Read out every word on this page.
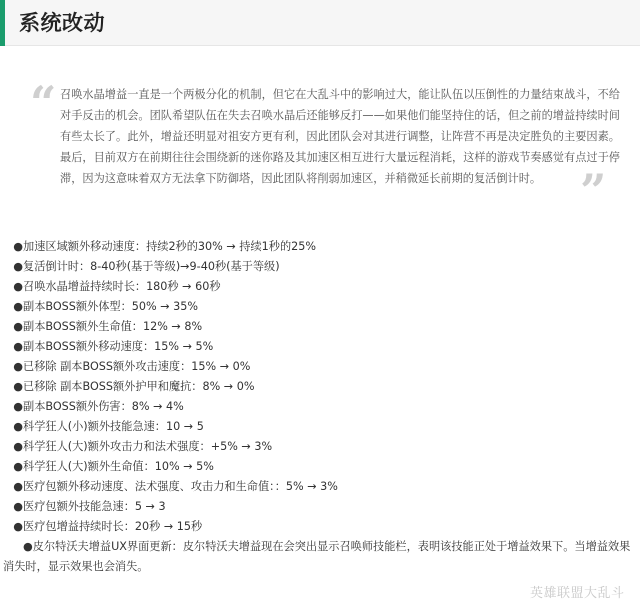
系统改动
“ 召唤水晶增益一直是一个两极分化的机制，但它在大乱斗中的影响过大，能让队伍以压倒性的力量结束战斗，不给对手反击的机会。团队希望队伍在失去召唤水晶后还能够反打——如果他们能坚持住的话，但之前的增益持续时间有些太长了。此外，增益还明显对祖安方更有利，因此团队会对其进行调整，让阵营不再是决定胜负的主要因素。最后，目前双方在前期往往会围绕新的迷你路及其加速区相互进行大量远程消耗，这样的游戏节奏感觉有点过于停滞，因为这意味着双方无法拿下防御塔，因此团队将削弱加速区，并稍微延长前期的复活倒计时。 ”
●加速区域额外移动速度：持续2秒的30% → 持续1秒的25%
●复活倒计时：8-40秒(基于等级)→9-40秒(基于等级)
●召唤水晶增益持续时长：180秒 → 60秒
●副本BOSS额外体型：50% → 35%
●副本BOSS额外生命值：12% → 8%
●副本BOSS额外移动速度：15% → 5%
●已移除 副本BOSS额外攻击速度：15% → 0%
●已移除 副本BOSS额外护甲和魔抗：8% → 0%
●副本BOSS额外伤害：8% → 4%
●科学狂人(小)额外技能急速：10 → 5
●科学狂人(大)额外攻击力和法术强度：+5% → 3%
●科学狂人(大)额外生命值：10% → 5%
●医疗包额外移动速度、法术强度、攻击力和生命值：：5% → 3%
●医疗包额外技能急速：5 → 3
●医疗包增益持续时长：20秒 → 15秒
●皮尔特沃夫增益UX界面更新：皮尔特沃夫增益现在会突出显示召唤师技能栏，表明该技能正处于增益效果下。当增益效果消失时，显示效果也会消失。
英雄联盟大乱斗
